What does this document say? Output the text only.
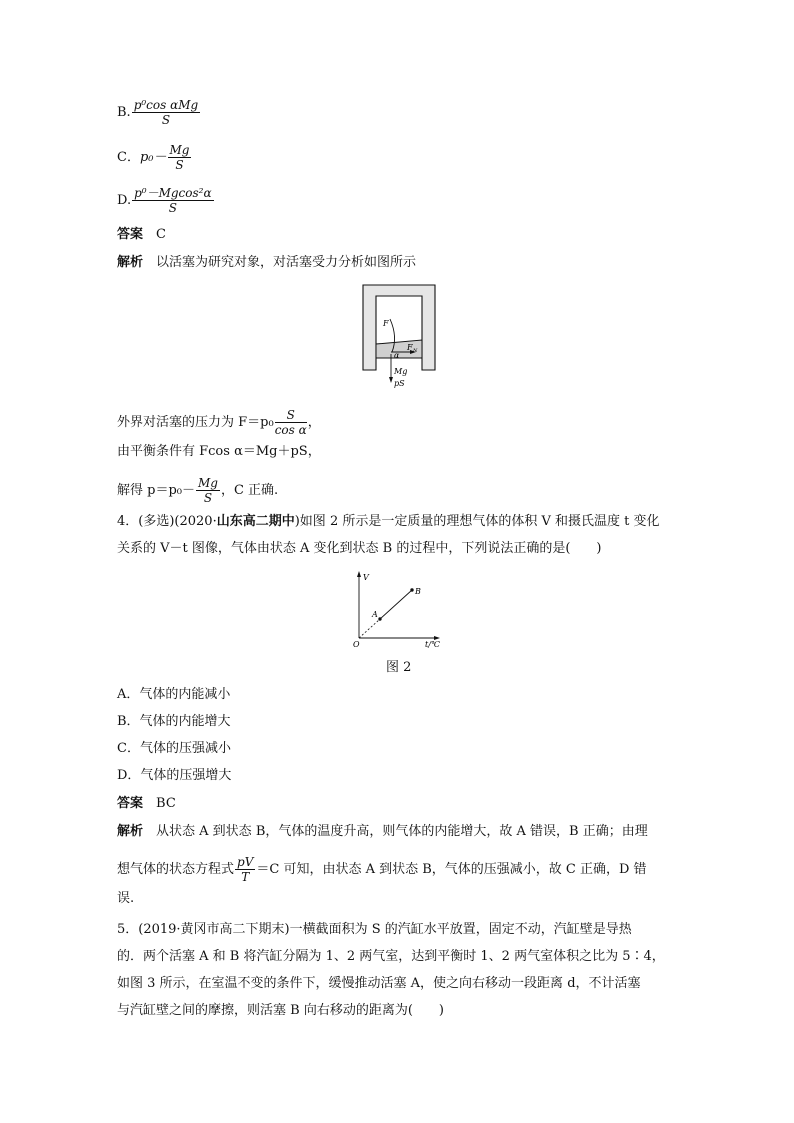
B. $\frac{\text{p⁰cos αMg}}{S}$
C．$p_0- \frac{Mg}{S}$
D. $\frac{\text{p⁰－Mgcos²α}}{S}$
答案　 C
解析　 以活塞为研究对象，对活塞受力分析如图所示
F
α
F N
Mg
pS
外界对活塞的压力为 $F=p_0 \frac{S}{\text{cos α}}$ ，
由平衡条件有 Fcos α＝Mg＋pS，
解得 $p=p_0- \frac{Mg}{S}$ ，C 正确.
4．(多选)(2020·山东高二期中)如图 2 所示是一定质量的理想气体的体积 V 和摄氏温度 t 变化
关系的 V－t 图像，气体由状态 A 变化到状态 B 的过程中，下列说法正确的是(　　)
V
A
B
O	t/℃
图 2
A．气体的内能减小
B．气体的内能增大
C．气体的压强减小
D．气体的压强增大
答案　 BC
解析　 从状态 A 到状态 B，气体的温度升高，则气体的内能增大，故 A 错误，B 正确；由理
想气体的状态方程式 $\frac{pV}{T} =C$ 可知，由状态 A 到状态 B，气体的压强减小，故 C 正确，D 错
误.
5．(2019·黄冈市高二下期末)一横截面积为 S 的汽缸水平放置，固定不动，汽缸壁是导热
的．两个活塞 A 和 B 将汽缸分隔为 1、2 两气室，达到平衡时 1、2 两气室体积之比为 5∶4，
如图 3 所示，在室温不变的条件下，缓慢推动活塞 A，使之向右移动一段距离 d，不计活塞
与汽缸壁之间的摩擦，则活塞 B 向右移动的距离为(　　)
